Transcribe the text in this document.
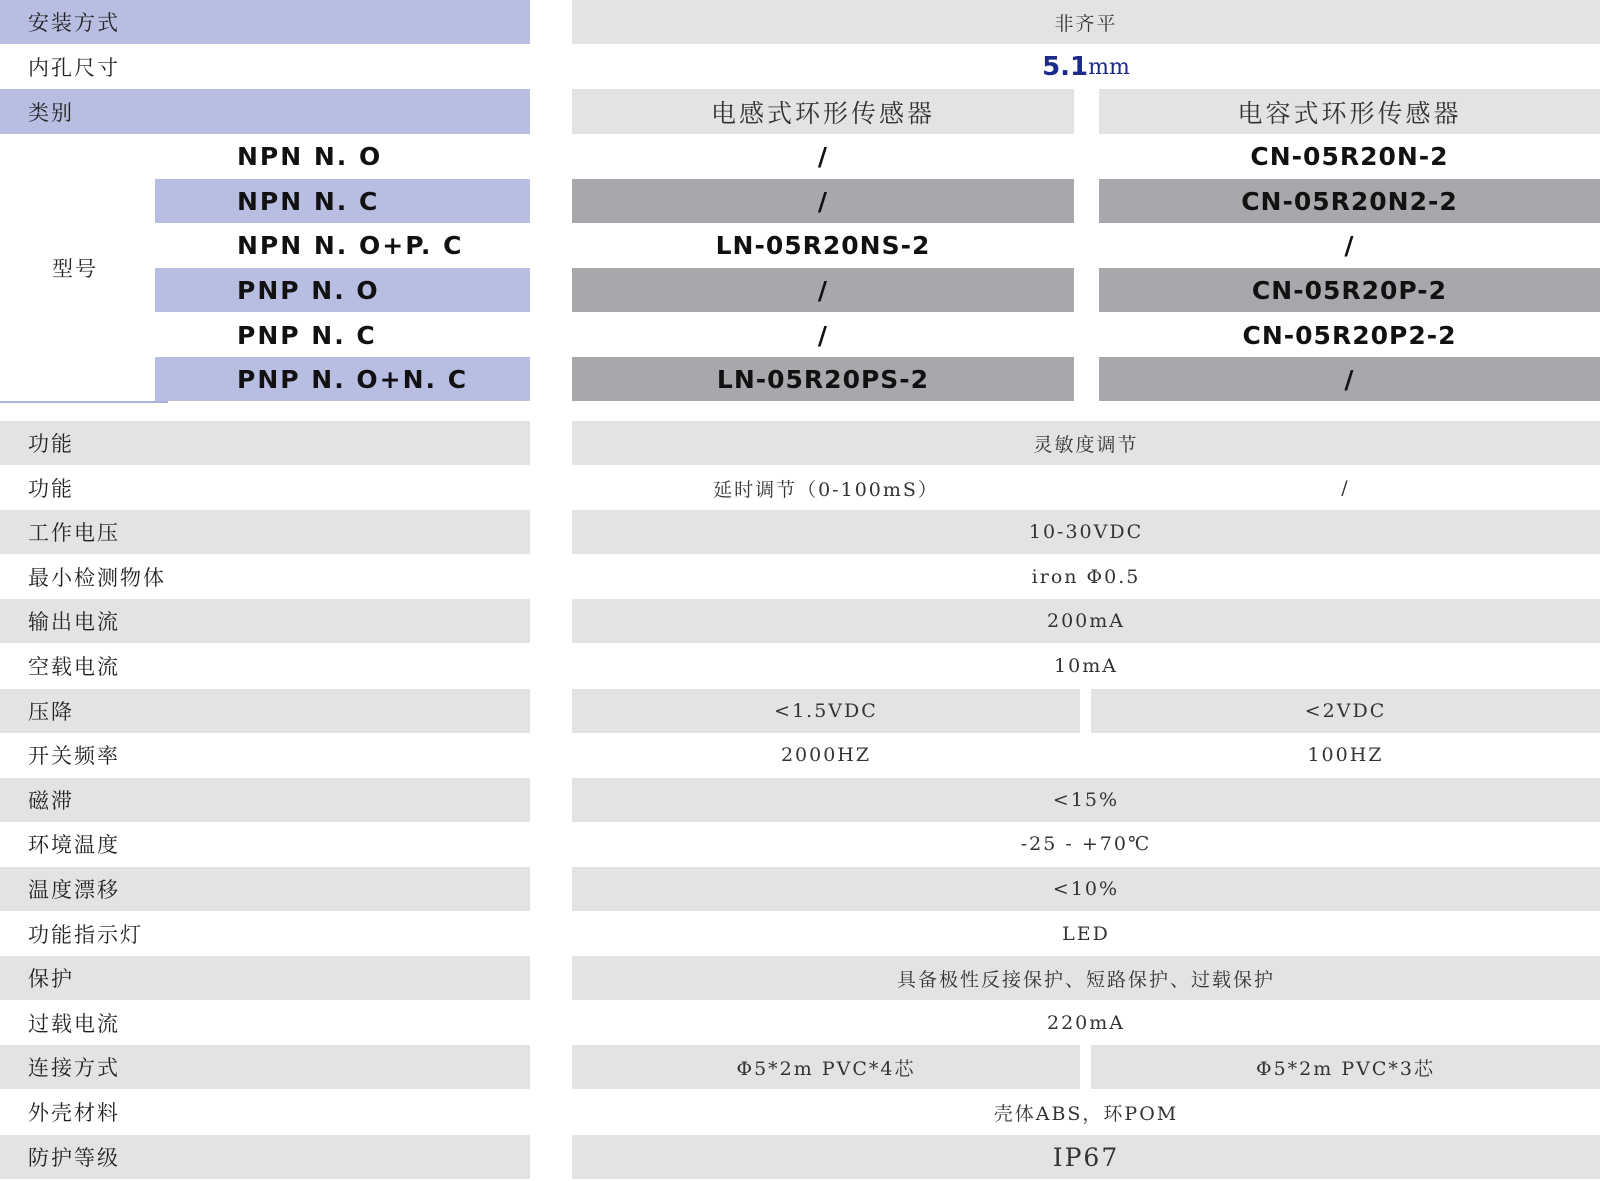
安装方式	非齐平
内孔尺寸	5.1 mm
类别	电感式环形传感器	电容式环形传感器
型号
NPN N. O	/	CN-05R20N-2
NPN N. C	/	CN-05R20N2-2
NPN N. O+P. C	LN-05R20NS-2	/
PNP N. O	/	CN-05R20P-2
PNP N. C	/	CN-05R20P2-2
PNP N. O+N. C	LN-05R20PS-2	/
功能	灵敏度调节
功能	延时调节（0-100mS）	/
工作电压	10-30VDC
最小检测物体	iron Φ0.5
输出电流	200mA
空载电流	10mA
压降	<1.5VDC	<2VDC
开关频率	2000HZ	100HZ
磁滞	<15%
环境温度	-25 - +70℃
温度漂移	<10%
功能指示灯	LED
保护	具备极性反接保护、短路保护、过载保护
过载电流	220mA
连接方式	Φ5*2m PVC*4芯	Φ5*2m PVC*3芯
外壳材料	壳体ABS，环POM
防护等级	IP67
